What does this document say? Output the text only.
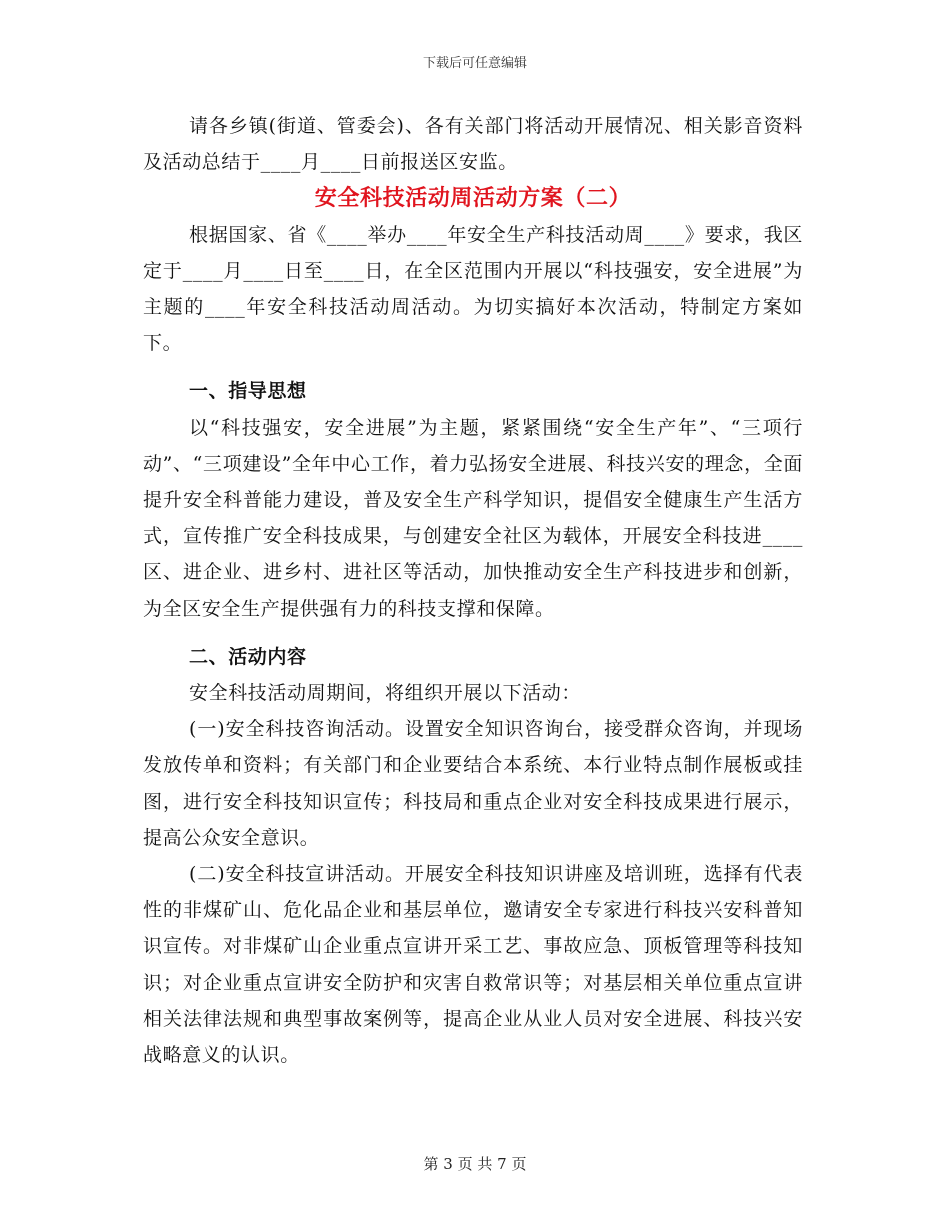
下载后可任意编辑

请各乡镇(街道、管委会)、各有关部门将活动开展情况、相关影音资料及活动总结于____月____日前报送区安监。

安全科技活动周活动方案（二）

根据国家、省《____举办____年安全生产科技活动周____》要求，我区定于____月____日至____日，在全区范围内开展以“科技强安，安全进展”为主题的____年安全科技活动周活动。为切实搞好本次活动，特制定方案如下。

一、指导思想

以“科技强安，安全进展”为主题，紧紧围绕“安全生产年”、“三项行动”、“三项建设”全年中心工作，着力弘扬安全进展、科技兴安的理念，全面提升安全科普能力建设，普及安全生产科学知识，提倡安全健康生产生活方式，宣传推广安全科技成果，与创建安全社区为载体，开展安全科技进____区、进企业、进乡村、进社区等活动，加快推动安全生产科技进步和创新，为全区安全生产提供强有力的科技支撑和保障。

二、活动内容

安全科技活动周期间，将组织开展以下活动：

(一)安全科技咨询活动。设置安全知识咨询台，接受群众咨询，并现场发放传单和资料；有关部门和企业要结合本系统、本行业特点制作展板或挂图，进行安全科技知识宣传；科技局和重点企业对安全科技成果进行展示，提高公众安全意识。

(二)安全科技宣讲活动。开展安全科技知识讲座及培训班，选择有代表性的非煤矿山、危化品企业和基层单位，邀请安全专家进行科技兴安科普知识宣传。对非煤矿山企业重点宣讲开采工艺、事故应急、顶板管理等科技知识；对企业重点宣讲安全防护和灾害自救常识等；对基层相关单位重点宣讲相关法律法规和典型事故案例等，提高企业从业人员对安全进展、科技兴安战略意义的认识。

第 3 页 共 7 页
